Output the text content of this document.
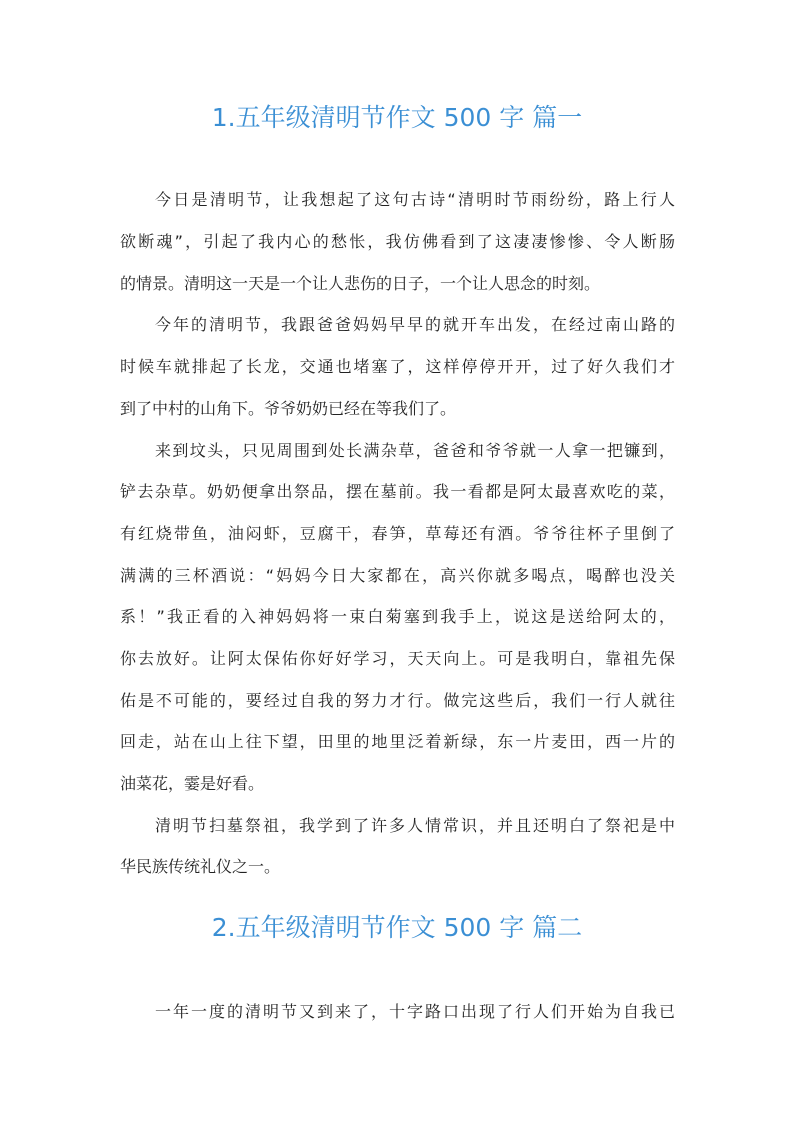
1.五年级清明节作文 500 字 篇一
今日是清明节，让我想起了这句古诗“清明时节雨纷纷，路上行人
欲断魂”，引起了我内心的愁怅，我仿佛看到了这凄凄惨惨、令人断肠
的情景。清明这一天是一个让人悲伤的日子，一个让人思念的时刻。
今年的清明节，我跟爸爸妈妈早早的就开车出发，在经过南山路的
时候车就排起了长龙，交通也堵塞了，这样停停开开，过了好久我们才
到了中村的山角下。爷爷奶奶已经在等我们了。
来到坟头，只见周围到处长满杂草，爸爸和爷爷就一人拿一把镰到，
铲去杂草。奶奶便拿出祭品，摆在墓前。我一看都是阿太最喜欢吃的菜，
有红烧带鱼，油闷虾，豆腐干，春笋，草莓还有酒。爷爷往杯子里倒了
满满的三杯酒说：“妈妈今日大家都在，高兴你就多喝点，喝醉也没关
系！”我正看的入神妈妈将一束白菊塞到我手上，说这是送给阿太的，
你去放好。让阿太保佑你好好学习，天天向上。可是我明白，靠祖先保
佑是不可能的，要经过自我的努力才行。做完这些后，我们一行人就往
回走，站在山上往下望，田里的地里泛着新绿，东一片麦田，西一片的
油菜花，霎是好看。
清明节扫墓祭祖，我学到了许多人情常识，并且还明白了祭祀是中
华民族传统礼仪之一。
2.五年级清明节作文 500 字 篇二
一年一度的清明节又到来了，十字路口出现了行人们开始为自我已
